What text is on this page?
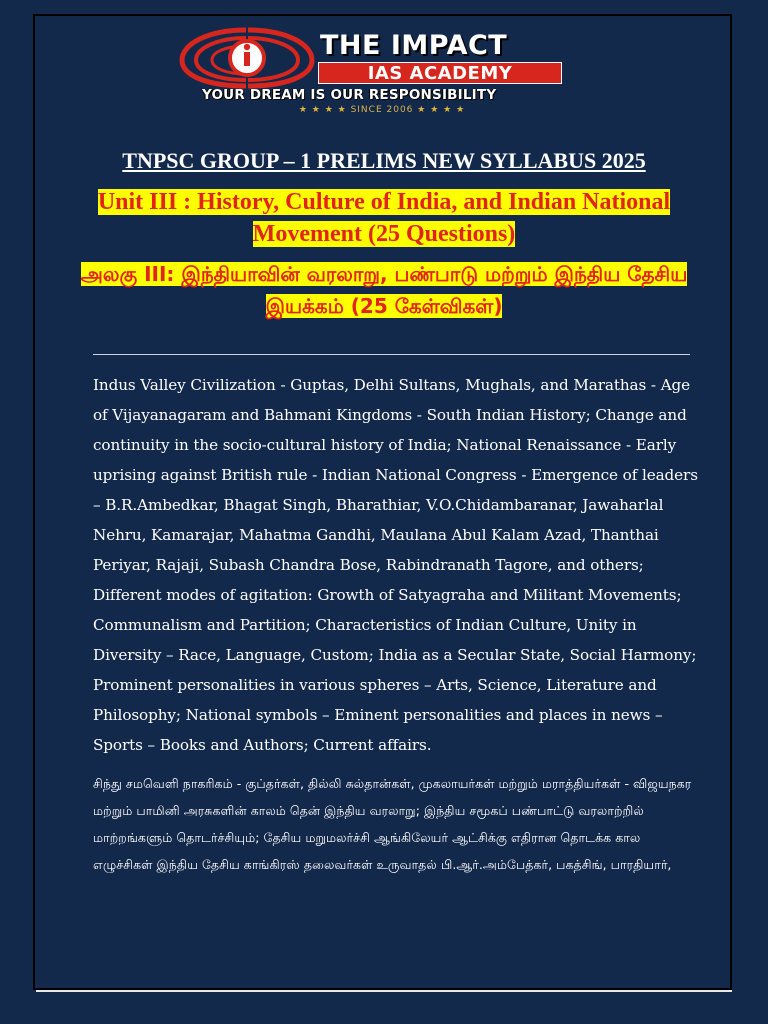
THE IMPACT
IAS ACADEMY
YOUR DREAM IS OUR RESPONSIBILITY
★ ★ ★ ★ SINCE 2006 ★ ★ ★ ★
TNPSC GROUP – 1 PRELIMS NEW SYLLABUS 2025
Unit III : History, Culture of India, and Indian National Movement (25 Questions)
அலகு III: இந்தியாவின் வரலாறு, பண்பாடு மற்றும் இந்திய தேசிய இயக்கம் (25 கேள்விகள்)
Indus Valley Civilization - Guptas, Delhi Sultans, Mughals, and Marathas - Age of Vijayanagaram and Bahmani Kingdoms - South Indian History; Change and continuity in the socio-cultural history of India; National Renaissance - Early uprising against British rule - Indian National Congress - Emergence of leaders – B.R.Ambedkar, Bhagat Singh, Bharathiar, V.O.Chidambaranar, Jawaharlal Nehru, Kamarajar, Mahatma Gandhi, Maulana Abul Kalam Azad, Thanthai Periyar, Rajaji, Subash Chandra Bose, Rabindranath Tagore, and others; Different modes of agitation: Growth of Satyagraha and Militant Movements; Communalism and Partition; Characteristics of Indian Culture, Unity in Diversity – Race, Language, Custom; India as a Secular State, Social Harmony; Prominent personalities in various spheres – Arts, Science, Literature and Philosophy; National symbols – Eminent personalities and places in news – Sports – Books and Authors; Current affairs.
சிந்து சமவெளி நாகரிகம் - குப்தர்கள், தில்லி சுல்தான்கள், முகலாயர்கள் மற்றும் மராத்தியர்கள் - விஜயநகர மற்றும் பாமினி அரசுகளின் காலம் தென் இந்திய வரலாறு; இந்திய சமூகப் பண்பாட்டு வரலாற்றில் மாற்றங்களும் தொடர்ச்சியும்; தேசிய மறுமலர்ச்சி ஆங்கிலேயர் ஆட்சிக்கு எதிரான தொடக்க கால எழுச்சிகள் இந்திய தேசிய காங்கிரஸ் தலைவர்கள் உருவாதல் பி.ஆர்.அம்பேத்கர், பகத்சிங், பாரதியார்,
